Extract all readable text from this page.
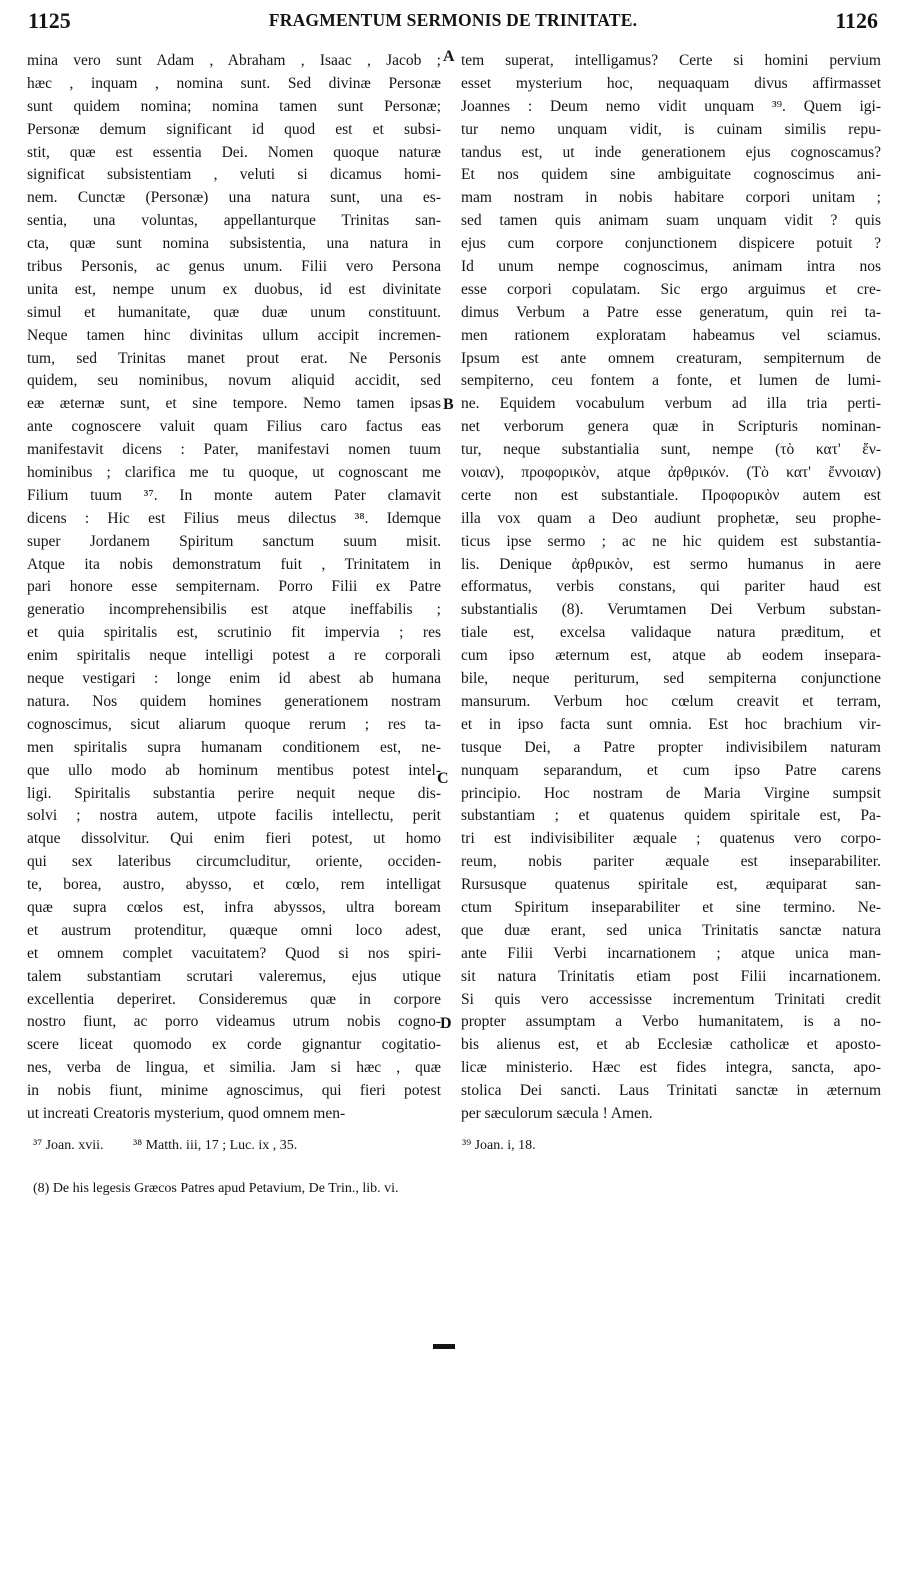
1125	FRAGMENTUM SERMONIS DE TRINITATE.	1126
mina vero sunt Adam , Abraham , Isaac , Jacob ;
hæc , inquam , nomina sunt. Sed divinæ Personæ
sunt quidem nomina; nomina tamen sunt Personæ;
Personæ demum significant id quod est et subsi-
stit, quæ est essentia Dei. Nomen quoque naturæ
significat subsistentiam , veluti si dicamus homi-
nem. Cunctæ (Personæ) una natura sunt, una es-
sentia, una voluntas, appellanturque Trinitas san-
cta, quæ sunt nomina subsistentia, una natura in
tribus Personis, ac genus unum. Filii vero Persona
unita est, nempe unum ex duobus, id est divinitate
simul et humanitate, quæ duæ unum constituunt.
Neque tamen hinc divinitas ullum accipit incremen-
tum, sed Trinitas manet prout erat. Ne Personis
quidem, seu nominibus, novum aliquid accidit, sed
eæ æternæ sunt, et sine tempore. Nemo tamen ipsas
ante cognoscere valuit quam Filius caro factus eas
manifestavit dicens : Pater, manifestavi nomen tuum
hominibus ; clarifica me tu quoque, ut cognoscant me
Filium tuum ³⁷. In monte autem Pater clamavit
dicens : Hic est Filius meus dilectus ³⁸. Idemque
super Jordanem Spiritum sanctum suum misit.
Atque ita nobis demonstratum fuit , Trinitatem in
pari honore esse sempiternam. Porro Filii ex Patre
generatio incomprehensibilis est atque ineffabilis ;
et quia spiritalis est, scrutinio fit impervia ; res
enim spiritalis neque intelligi potest a re corporali
neque vestigari : longe enim id abest ab humana
natura. Nos quidem homines generationem nostram
cognoscimus, sicut aliarum quoque rerum ; res ta-
men spiritalis supra humanam conditionem est, ne-
que ullo modo ab hominum mentibus potest intel-
ligi. Spiritalis substantia perire nequit neque dis-
solvi ; nostra autem, utpote facilis intellectu, perit
atque dissolvitur. Qui enim fieri potest, ut homo
qui sex lateribus circumcluditur, oriente, occiden-
te, borea, austro, abysso, et cœlo, rem intelligat
quæ supra cœlos est, infra abyssos, ultra boream
et austrum protenditur, quæque omni loco adest,
et omnem complet vacuitatem? Quod si nos spiri-
talem substantiam scrutari valeremus, ejus utique
excellentia deperiret. Consideremus quæ in corpore
nostro fiunt, ac porro videamus utrum nobis cogno-
scere liceat quomodo ex corde gignantur cogitatio-
nes, verba de lingua, et similia. Jam si hæc , quæ
in nobis fiunt, minime agnoscimus, qui fieri potest
ut increati Creatoris mysterium, quod omnem men-
tem superat, intelligamus? Certe si homini pervium
esset mysterium hoc, nequaquam divus affirmasset
Joannes : Deum nemo vidit unquam ³⁹. Quem igi-
tur nemo unquam vidit, is cuinam similis repu-
tandus est, ut inde generationem ejus cognoscamus?
Et nos quidem sine ambiguitate cognoscimus ani-
mam nostram in nobis habitare corpori unitam ;
sed tamen quis animam suam unquam vidit ? quis
ejus cum corpore conjunctionem dispicere potuit ?
Id unum nempe cognoscimus, animam intra nos
esse corpori copulatam. Sic ergo arguimus et cre-
dimus Verbum a Patre esse generatum, quin rei ta-
men rationem exploratam habeamus vel sciamus.
Ipsum est ante omnem creaturam, sempiternum de
sempiterno, ceu fontem a fonte, et lumen de lumi-
ne. Equidem vocabulum verbum ad illa tria perti-
net verborum genera quæ in Scripturis nominan-
tur, neque substantialia sunt, nempe (τὸ κατ' ἔν-
νοιαν), προφορικὸν, atque ἀρθρικόν. (Τὸ κατ' ἔννοιαν)
certe non est substantiale. Προφορικὸν autem est
illa vox quam a Deo audiunt prophetæ, seu prophe-
ticus ipse sermo ; ac ne hic quidem est substantia-
lis. Denique ἀρθρικὸν, est sermo humanus in aere
efformatus, verbis constans, qui pariter haud est
substantialis (8). Verumtamen Dei Verbum substan-
tiale est, excelsa validaque natura præditum, et
cum ipso æternum est, atque ab eodem insepara-
bile, neque periturum, sed sempiterna conjunctione
mansurum. Verbum hoc cœlum creavit et terram,
et in ipso facta sunt omnia. Est hoc brachium vir-
tusque Dei, a Patre propter indivisibilem naturam
nunquam separandum, et cum ipso Patre carens
principio. Hoc nostram de Maria Virgine sumpsit
substantiam ; et quatenus quidem spiritale est, Pa-
tri est indivisibiliter æquale ; quatenus vero corpo-
reum, nobis pariter æquale est inseparabiliter.
Rursusque quatenus spiritale est, æquiparat san-
ctum Spiritum inseparabiliter et sine termino. Ne-
que duæ erant, sed unica Trinitatis sanctæ natura
ante Filii Verbi incarnationem ; atque unica man-
sit natura Trinitatis etiam post Filii incarnationem.
Si quis vero accessisse incrementum Trinitati credit
propter assumptam a Verbo humanitatem, is a no-
bis alienus est, et ab Ecclesiæ catholicæ et aposto-
licæ ministerio. Hæc est fides integra, sancta, apo-
stolica Dei sancti. Laus Trinitati sanctæ in æternum
per sæculorum sæcula ! Amen.
A
B
C
D
³⁷ Joan. xvii. ³⁸ Matth. iii, 17 ; Luc. ix , 35.	³⁹ Joan. i, 18.
(8) De his legesis Græcos Patres apud Petavium, De Trin., lib. vi.
